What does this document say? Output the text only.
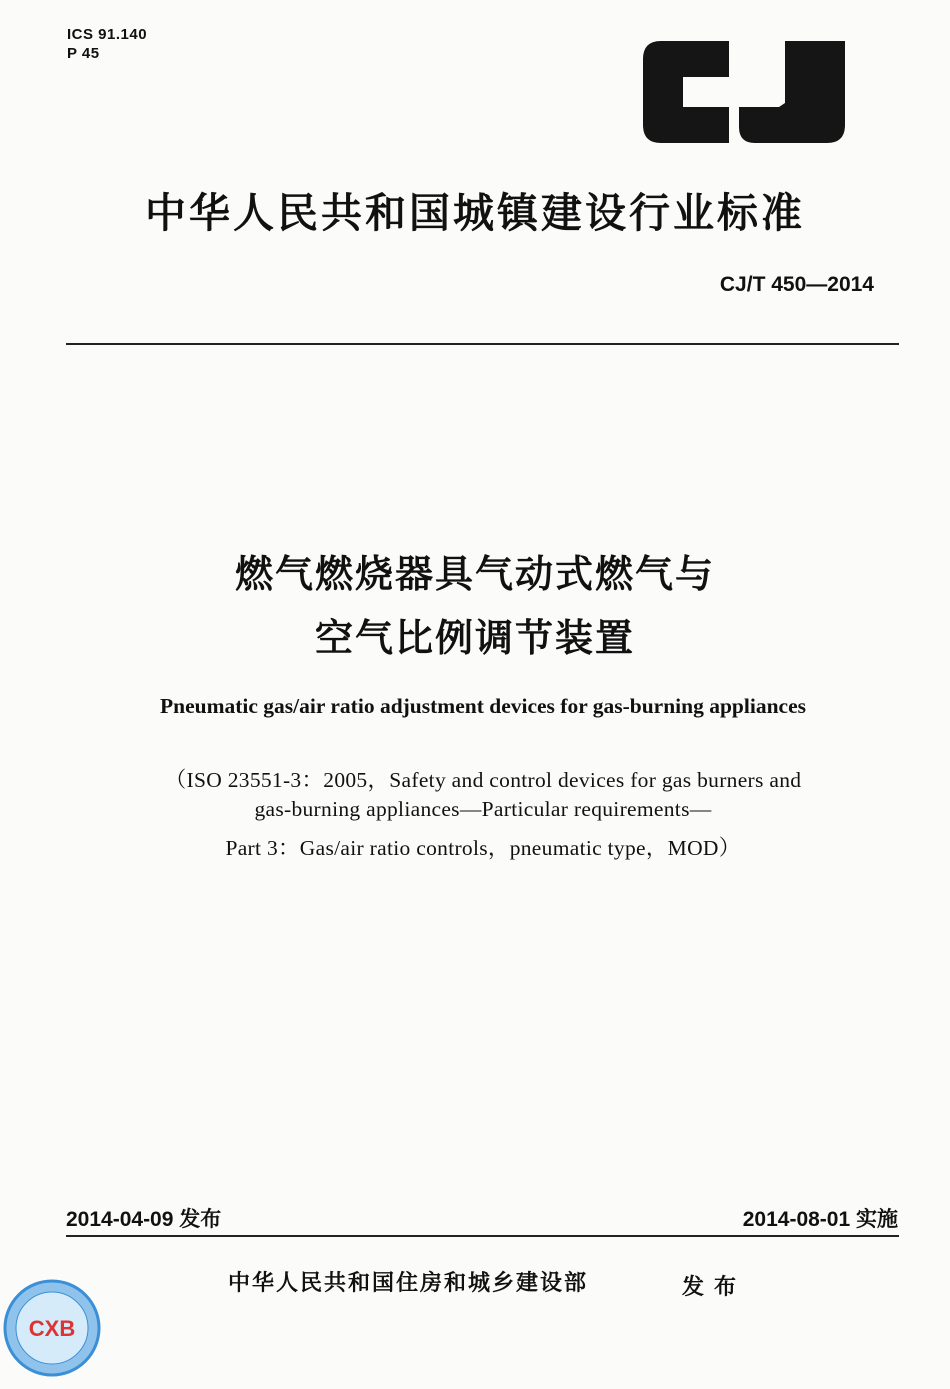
ICS 91.140
P 45
CJ
中华人民共和国城镇建设行业标准
CJ/T 450—2014
燃气燃烧器具气动式燃气与
空气比例调节装置
Pneumatic gas/air ratio adjustment devices for gas-burning appliances
（ISO 23551-3：2005，Safety and control devices for gas burners and
gas-burning appliances—Particular requirements—
Part 3：Gas/air ratio controls，pneumatic type，MOD）
2014-04-09 发布	2014-08-01 实施
中华人民共和国住房和城乡建设部	发布
CXB
